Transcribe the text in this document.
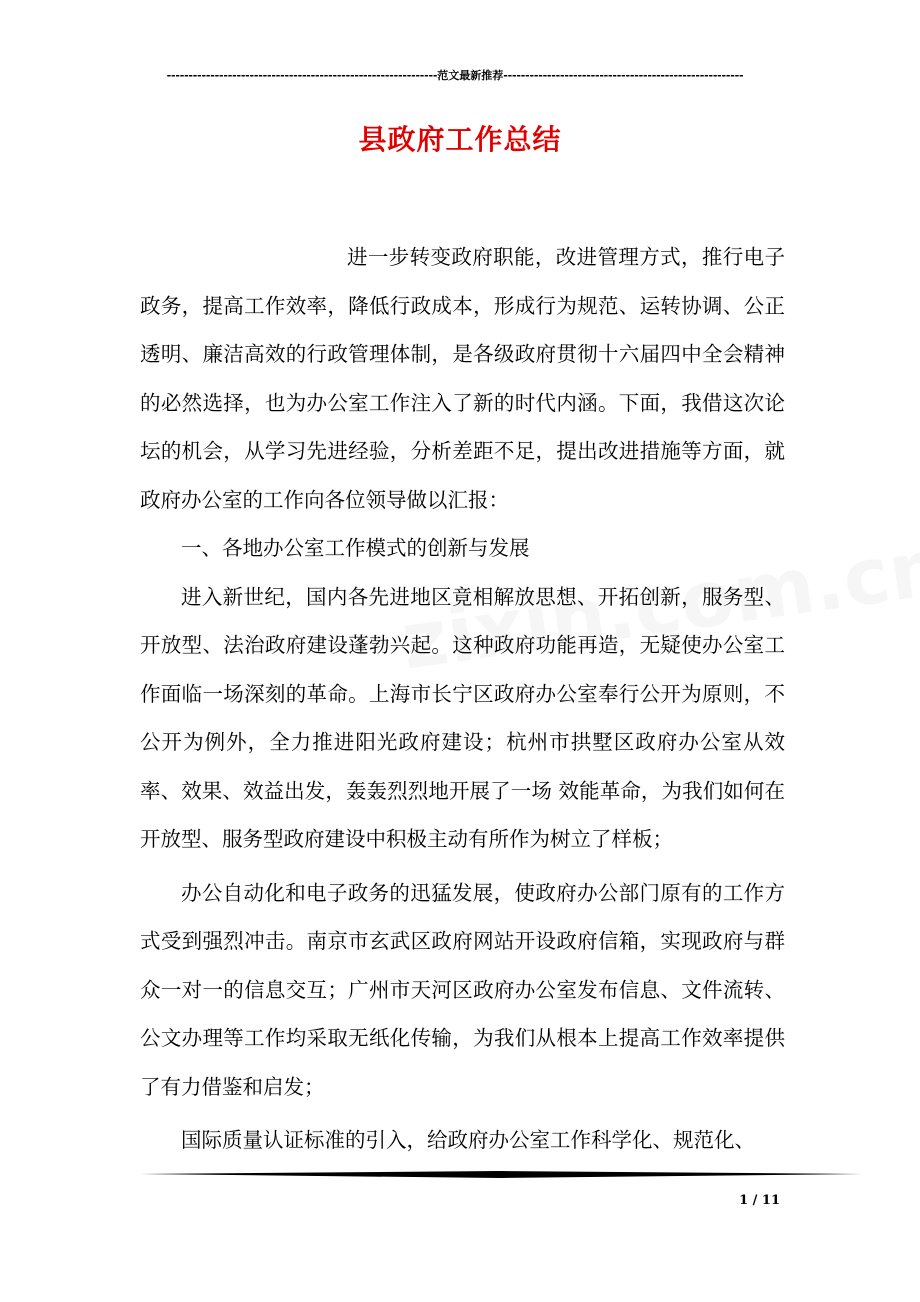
--------------------------------------------------------------范文最新推荐-------------------------------------------------------
县政府工作总结

进一步转变政府职能，改进管理方式，推行电子政务，提高工作效率，降低行政成本，形成行为规范、运转协调、公正透明、廉洁高效的行政管理体制，是各级政府贯彻十六届四中全会精神的必然选择，也为办公室工作注入了新的时代内涵。下面，我借这次论坛的机会，从学习先进经验，分析差距不足，提出改进措施等方面，就政府办公室的工作向各位领导做以汇报：

一、各地办公室工作模式的创新与发展

进入新世纪，国内各先进地区竟相解放思想、开拓创新，服务型、开放型、法治政府建设蓬勃兴起。这种政府功能再造，无疑使办公室工作面临一场深刻的革命。上海市长宁区政府办公室奉行公开为原则，不公开为例外，全力推进阳光政府建设；杭州市拱墅区政府办公室从效率、效果、效益出发，轰轰烈烈地开展了一场 效能革命，为我们如何在开放型、服务型政府建设中积极主动有所作为树立了样板；

办公自动化和电子政务的迅猛发展，使政府办公部门原有的工作方式受到强烈冲击。南京市玄武区政府网站开设政府信箱，实现政府与群众一对一的信息交互；广州市天河区政府办公室发布信息、文件流转、公文办理等工作均采取无纸化传输，为我们从根本上提高工作效率提供了有力借鉴和启发；

国际质量认证标准的引入，给政府办公室工作科学化、规范化、

1 / 11
